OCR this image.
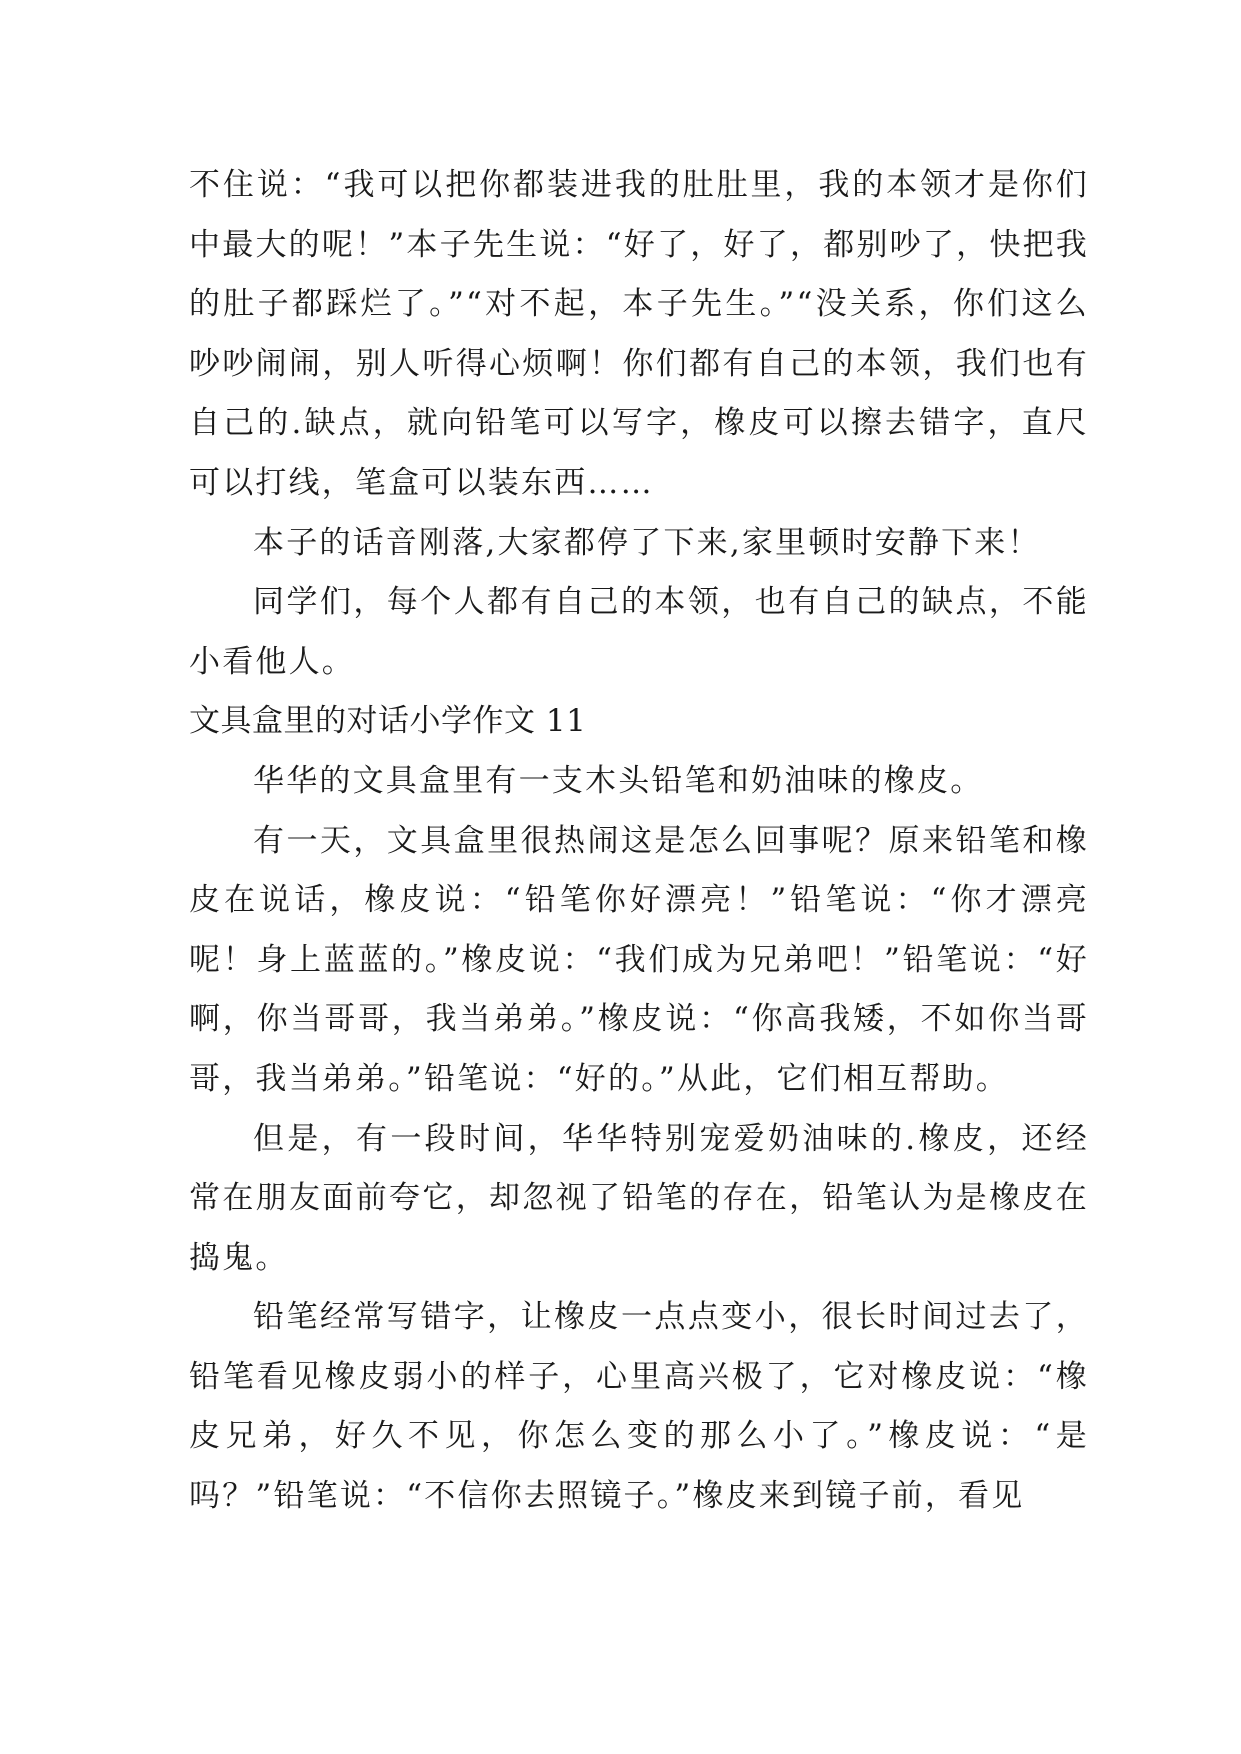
不住说：“我可以把你都装进我的肚肚里，我的本领才是你们中最大的呢！”本子先生说：“好了，好了，都别吵了，快把我的肚子都踩烂了。”“对不起，本子先生。”“没关系，你们这么吵吵闹闹，别人听得心烦啊！你们都有自己的本领，我们也有自己的.缺点，就向铅笔可以写字，橡皮可以擦去错字，直尺可以打线，笔盒可以装东西……

本子的话音刚落,大家都停了下来,家里顿时安静下来！

同学们，每个人都有自己的本领，也有自己的缺点，不能小看他人。

文具盒里的对话小学作文 11

华华的文具盒里有一支木头铅笔和奶油味的橡皮。

有一天，文具盒里很热闹这是怎么回事呢？原来铅笔和橡皮在说话，橡皮说：“铅笔你好漂亮！”铅笔说：“你才漂亮呢！身上蓝蓝的。”橡皮说：“我们成为兄弟吧！”铅笔说：“好啊，你当哥哥，我当弟弟。”橡皮说：“你高我矮，不如你当哥哥，我当弟弟。”铅笔说：“好的。”从此，它们相互帮助。

但是，有一段时间，华华特别宠爱奶油味的.橡皮，还经常在朋友面前夸它，却忽视了铅笔的存在，铅笔认为是橡皮在捣鬼。

铅笔经常写错字，让橡皮一点点变小，很长时间过去了，铅笔看见橡皮弱小的样子，心里高兴极了，它对橡皮说：“橡皮兄弟，好久不见，你怎么变的那么小了。”橡皮说：“是吗？”铅笔说：“不信你去照镜子。”橡皮来到镜子前，看见
